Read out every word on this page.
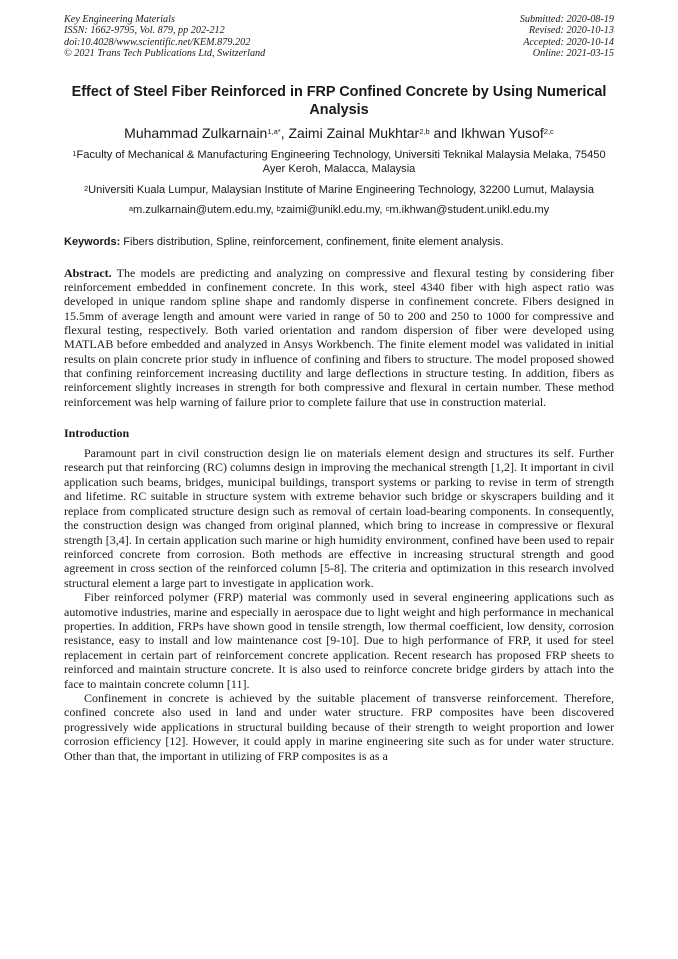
Key Engineering Materials
ISSN: 1662-9795, Vol. 879, pp 202-212
doi:10.4028/www.scientific.net/KEM.879.202
© 2021 Trans Tech Publications Ltd, Switzerland
Submitted: 2020-08-19
Revised: 2020-10-13
Accepted: 2020-10-14
Online: 2021-03-15
Effect of Steel Fiber Reinforced in FRP Confined Concrete by Using Numerical Analysis
Muhammad Zulkarnain$^{1,a*}$, Zaimi Zainal Mukhtar$^{2,b}$ and Ikhwan Yusof$^{2,c}$
$^1$Faculty of Mechanical & Manufacturing Engineering Technology, Universiti Teknikal Malaysia Melaka, 75450 Ayer Keroh, Malacca, Malaysia
$^2$Universiti Kuala Lumpur, Malaysian Institute of Marine Engineering Technology, 32200 Lumut, Malaysia
$^a$m.zulkarnain@utem.edu.my, $^b$zaimi@unikl.edu.my, $^c$m.ikhwan@student.unikl.edu.my
Keywords: Fibers distribution, Spline, reinforcement, confinement, finite element analysis.
Abstract. The models are predicting and analyzing on compressive and flexural testing by considering fiber reinforcement embedded in confinement concrete. In this work, steel 4340 fiber with high aspect ratio was developed in unique random spline shape and randomly disperse in confinement concrete. Fibers designed in 15.5mm of average length and amount were varied in range of 50 to 200 and 250 to 1000 for compressive and flexural testing, respectively. Both varied orientation and random dispersion of fiber were developed using MATLAB before embedded and analyzed in Ansys Workbench. The finite element model was validated in initial results on plain concrete prior study in influence of confining and fibers to structure. The model proposed showed that confining reinforcement increasing ductility and large deflections in structure testing. In addition, fibers as reinforcement slightly increases in strength for both compressive and flexural in certain number. These method reinforcement was help warning of failure prior to complete failure that use in construction material.
Introduction

Paramount part in civil construction design lie on materials element design and structures its self. Further research put that reinforcing (RC) columns design in improving the mechanical strength [1,2]. It important in civil application such beams, bridges, municipal buildings, transport systems or parking to revise in term of strength and lifetime. RC suitable in structure system with extreme behavior such bridge or skyscrapers building and it replace from complicated structure design such as removal of certain load-bearing components. In consequently, the construction design was changed from original planned, which bring to increase in compressive or flexural strength [3,4]. In certain application such marine or high humidity environment, confined have been used to repair reinforced concrete from corrosion. Both methods are effective in increasing structural strength and good agreement in cross section of the reinforced column [5-8]. The criteria and optimization in this research involved structural element a large part to investigate in application work.

Fiber reinforced polymer (FRP) material was commonly used in several engineering applications such as automotive industries, marine and especially in aerospace due to light weight and high performance in mechanical properties. In addition, FRPs have shown good in tensile strength, low thermal coefficient, low density, corrosion resistance, easy to install and low maintenance cost [9-10]. Due to high performance of FRP, it used for steel replacement in certain part of reinforcement concrete application. Recent research has proposed FRP sheets to reinforced and maintain structure concrete. It is also used to reinforce concrete bridge girders by attach into the face to maintain concrete column [11].

Confinement in concrete is achieved by the suitable placement of transverse reinforcement. Therefore, confined concrete also used in land and under water structure. FRP composites have been discovered progressively wide applications in structural building because of their strength to weight proportion and lower corrosion efficiency [12]. However, it could apply in marine engineering site such as for under water structure. Other than that, the important in utilizing of FRP composites is as a
